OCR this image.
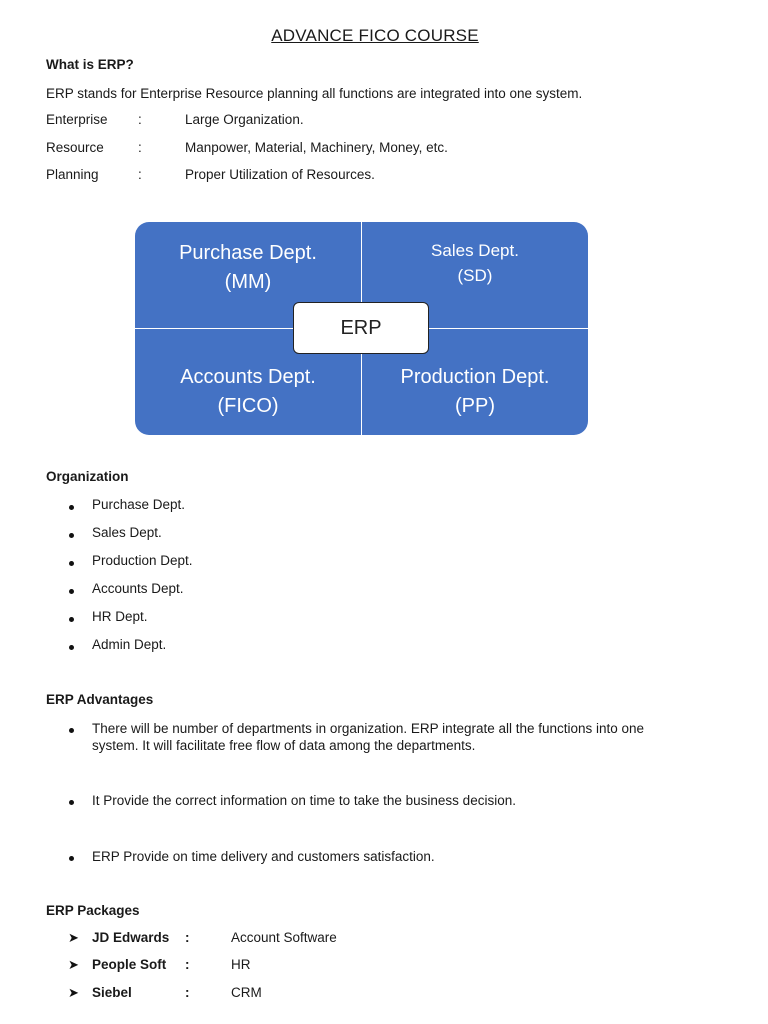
ADVANCE FICO COURSE
What is ERP?
ERP stands for Enterprise Resource planning all functions are integrated into one system.
Enterprise :	Large Organization.
Resource	:	Manpower, Material, Machinery, Money, etc.
Planning	:	Proper Utilization of Resources.
Purchase Dept.
(MM)
Sales Dept.
(SD)
Accounts Dept.
(FICO)
Production Dept.
(PP)
ERP
Organization
Purchase Dept.
Sales Dept.
Production Dept.
Accounts Dept.
HR Dept.
Admin Dept.
ERP Advantages
There will be number of departments in organization. ERP integrate all the functions into one system. It will facilitate free flow of data among the departments.
It Provide the correct information on time to take the business decision.
ERP Provide on time delivery and customers satisfaction.
ERP Packages
➤ JD Edwards :	Account Software
➤ People Soft :	HR
➤ Siebel	:	CRM
